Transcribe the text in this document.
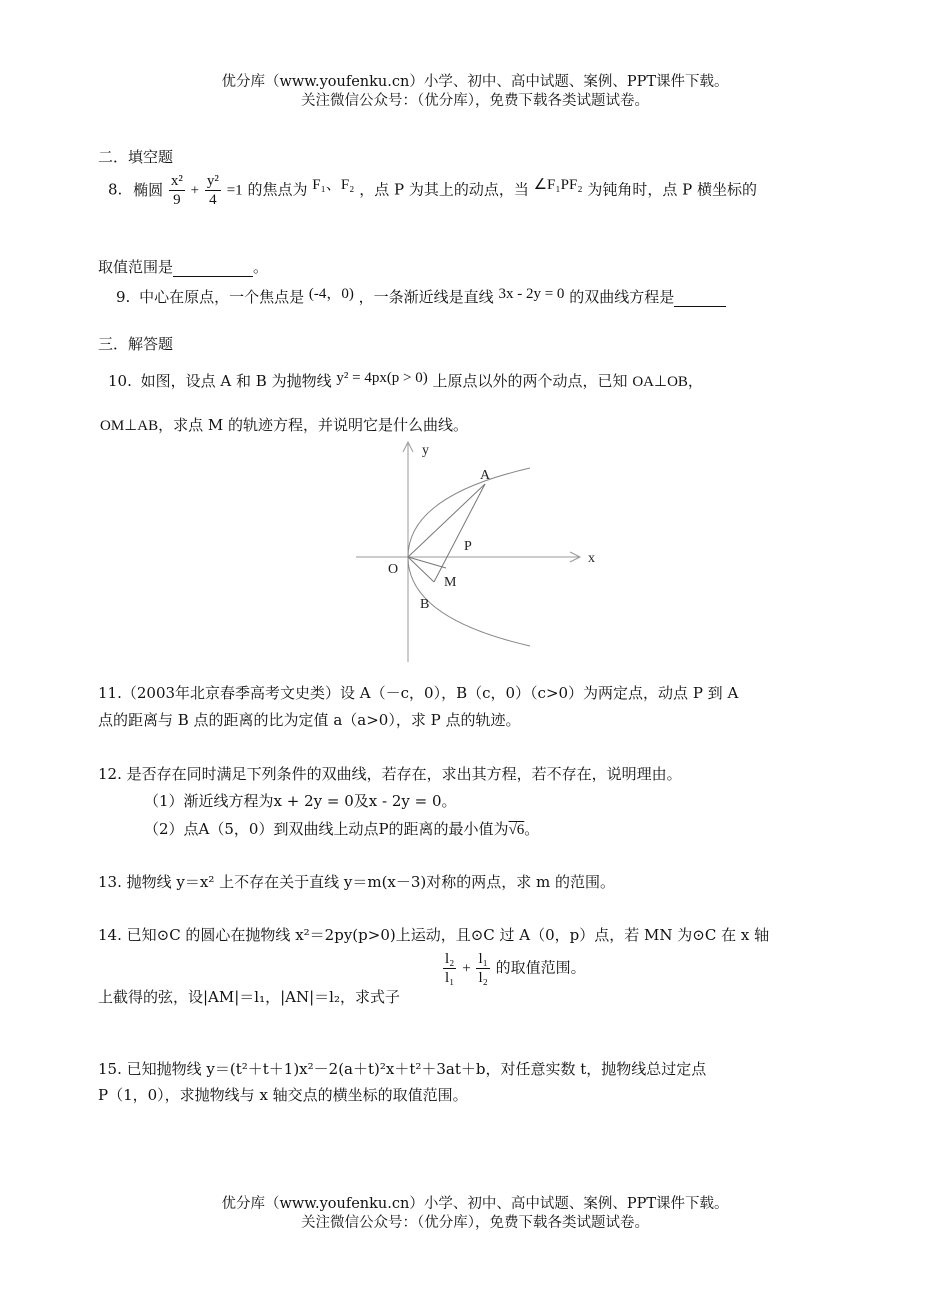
优分库（www.youfenku.cn）小学、初中、高中试题、案例、PPT课件下载。
关注微信公众号：（优分库），免费下载各类试题试卷。
二．填空题
8. 椭圆 $\frac{\text{x²}}{9} + \frac{\text{y²}}{4} =1$ 的焦点为 F₁、F₂ ，点 P 为其上的动点，当 ∠F₁PF₂ 为钝角时，点 P 横坐标的
取值范围是	。
9. 中心在原点，一个焦点是 (-4，0) ，一条渐近线是直线 3x - 2y = 0 的双曲线方程是
三．解答题
10. 如图，设点 A 和 B 为抛物线 y² = 4px(p > 0) 上原点以外的两个动点，已知 OA⊥OB，
OM⊥AB，求点 M 的轨迹方程，并说明它是什么曲线。
y
x
O
A
P
M
B
11.（2003年北京春季高考文史类）设 A（－c，0），B（c，0）（c>0）为两定点，动点 P 到 A
点的距离与 B 点的距离的比为定值 a（a>0），求 P 点的轨迹。
12. 是否存在同时满足下列条件的双曲线，若存在，求出其方程，若不存在，说明理由。
（1）渐近线方程为x + 2y = 0及x - 2y = 0。
（2）点A（5，0）到双曲线上动点P的距离的最小值为√6。
13. 抛物线 y＝x² 上不存在关于直线 y＝m(x－3)对称的两点，求 m 的范围。
14. 已知⊙C 的圆心在抛物线 x²＝2py(p>0)上运动，且⊙C 过 A（0，p）点，若 MN 为⊙C 在 x 轴
上截得的弦，设|AM|＝l₁，|AN|＝l₂，求式子
$\frac{\text{l₂}}{\text{l₁}} + \frac{\text{l₁}}{\text{l₂}}$ 的取值范围。
15. 已知抛物线 y＝(t²＋t＋1)x²－2(a＋t)²x＋t²＋3at＋b，对任意实数 t，抛物线总过定点
P（1，0），求抛物线与 x 轴交点的横坐标的取值范围。
优分库（www.youfenku.cn）小学、初中、高中试题、案例、PPT课件下载。
关注微信公众号：（优分库），免费下载各类试题试卷。
